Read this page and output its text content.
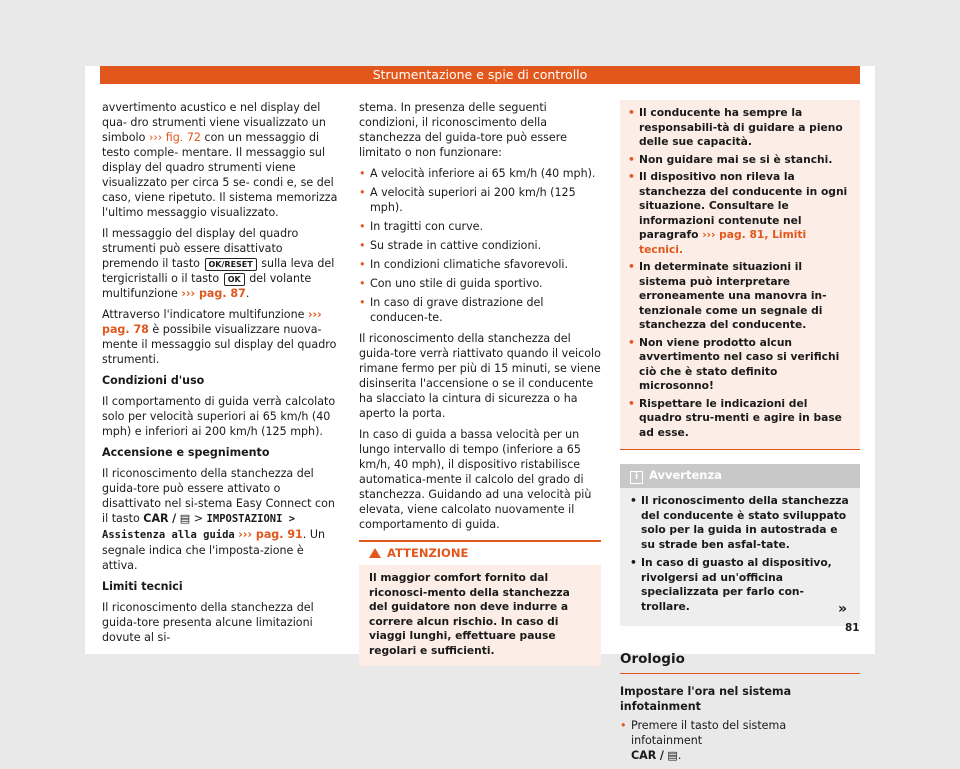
Strumentazione e spie di controllo

avvertimento acustico e nel display del qua- dro strumenti viene visualizzato un simbolo ››› fig. 72 con un messaggio di testo comple- mentare. Il messaggio sul display del quadro strumenti viene visualizzato per circa 5 se- condi e, se del caso, viene ripetuto. Il sistema memorizza l'ultimo messaggio visualizzato.

Il messaggio del display del quadro strumenti può essere disattivato premendo il tasto OK/RESET sulla leva del tergicristalli o il tasto OK del volante multifunzione ››› pag. 87.

Attraverso l'indicatore multifunzione ››› pag. 78 è possibile visualizzare nuova-mente il messaggio sul display del quadro strumenti.

Condizioni d'uso

Il comportamento di guida verrà calcolato solo per velocità superiori ai 65 km/h (40 mph) e inferiori ai 200 km/h (125 mph).

Accensione e spegnimento

Il riconoscimento della stanchezza del guida-tore può essere attivato o disattivato nel si-stema Easy Connect con il tasto CAR / ▤ > IMPOSTAZIONI > Assistenza alla guida ››› pag. 91. Un segnale indica che l'imposta-zione è attiva.

Limiti tecnici

Il riconoscimento della stanchezza del guida-tore presenta alcune limitazioni dovute al si-

stema. In presenza delle seguenti condizioni, il riconoscimento della stanchezza del guida-tore può essere limitato o non funzionare:

• A velocità inferiore ai 65 km/h (40 mph).
• A velocità superiori ai 200 km/h (125 mph).
• In tragitti con curve.
• Su strade in cattive condizioni.
• In condizioni climatiche sfavorevoli.
• Con uno stile di guida sportivo.
• In caso di grave distrazione del conducen-te.

Il riconoscimento della stanchezza del guida-tore verrà riattivato quando il veicolo rimane fermo per più di 15 minuti, se viene disinserita l'accensione o se il conducente ha slacciato la cintura di sicurezza o ha aperto la porta.

In caso di guida a bassa velocità per un lungo intervallo di tempo (inferiore a 65 km/h, 40 mph), il dispositivo ristabilisce automatica-mente il calcolo del grado di stanchezza. Guidando ad una velocità più elevata, viene calcolato nuovamente il comportamento di guida.

ATTENZIONE
Il maggior comfort fornito dal riconosci-mento della stanchezza del guidatore non deve indurre a correre alcun rischio. In caso di viaggi lunghi, effettuare pause regolari e sufficienti.
• Il conducente ha sempre la responsabili-tà di guidare a pieno delle sue capacità.
• Non guidare mai se si è stanchi.
• Il dispositivo non rileva la stanchezza del conducente in ogni situazione. Consultare le informazioni contenute nel paragrafo ››› pag. 81, Limiti tecnici.
• In determinate situazioni il sistema può interpretare erroneamente una manovra in-tenzionale come un segnale di stanchezza del conducente.
• Non viene prodotto alcun avvertimento nel caso si verifichi ciò che è stato definito microsonno!
• Rispettare le indicazioni del quadro stru-menti e agire in base ad esse.
i Avvertenza
• Il riconoscimento della stanchezza del conducente è stato sviluppato solo per la guida in autostrada e su strade ben asfal-tate.
• In caso di guasto al dispositivo, rivolgersi ad un'officina specializzata per farlo con-trollare.
Orologio
Impostare l'ora nel sistema infotainment
• Premere il tasto del sistema infotainment
CAR / ▤.
»
81
